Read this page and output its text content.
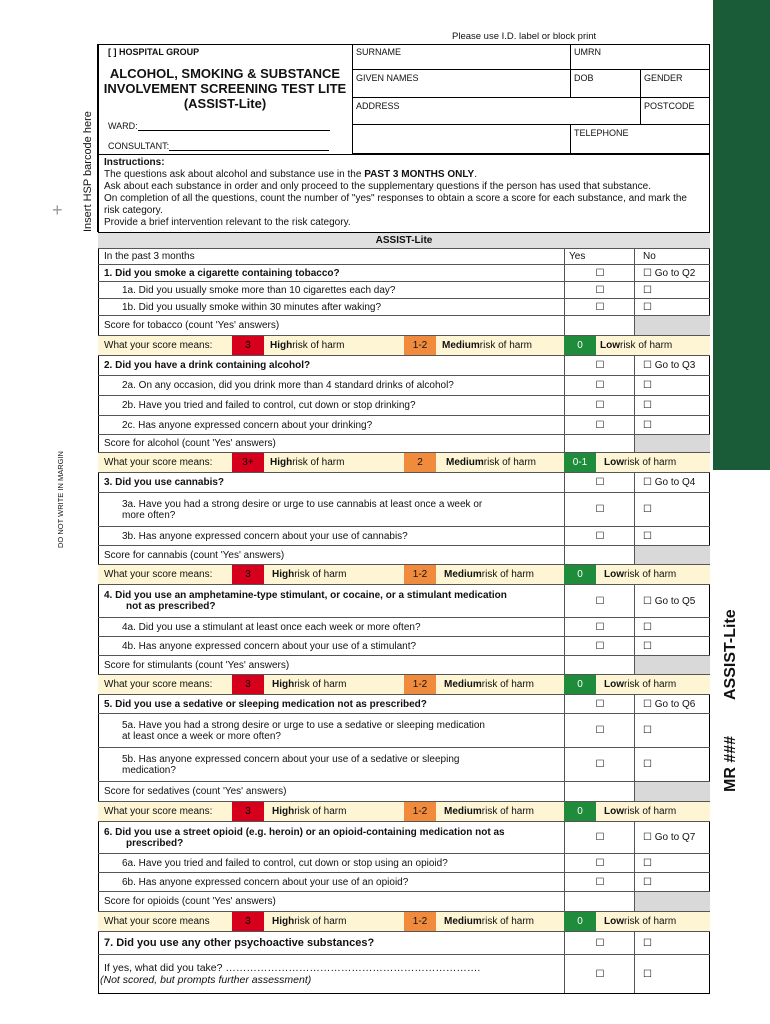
Please use I.D. label or block print
ASSIST-Lite
MR ###
Insert HSP barcode here
DO NOT WRITE IN MARGIN
+
[ ] HOSPITAL GROUP
ALCOHOL, SMOKING & SUBSTANCE
INVOLVEMENT SCREENING TEST LITE
(ASSIST-Lite)
WARD:
CONSULTANT:
SURNAME	UMRN
GIVEN NAMES	DOB	GENDER
ADDRESS	POSTCODE
TELEPHONE
Instructions:
The questions ask about alcohol and substance use in the PAST 3 MONTHS ONLY.
Ask about each substance in order and only proceed to the supplementary questions if the person has used that substance.
On completion of all the questions, count the number of "yes" responses to obtain a score a score for each substance, and mark the risk category.
Provide a brief intervention relevant to the risk category.
ASSIST-Lite
In the past 3 months	Yes	No
1. Did you smoke a cigarette containing tobacco?	☐	☐ Go to Q2
1a. Did you usually smoke more than 10 cigarettes each day?	☐	☐
1b. Did you usually smoke within 30 minutes after waking?	☐	☐
Score for tobacco (count 'Yes' answers)
What your score means:	3	High risk of harm	1-2	Medium risk of harm	0	Low risk of harm
2. Did you have a drink containing alcohol?	☐	☐ Go to Q3
2a. On any occasion, did you drink more than 4 standard drinks of alcohol?	☐	☐
2b. Have you tried and failed to control, cut down or stop drinking?	☐	☐
2c. Has anyone expressed concern about your drinking?	☐	☐
Score for alcohol (count 'Yes' answers)
What your score means:	3+	High risk of harm	2	Medium risk of harm	0-1	Low risk of harm
3. Did you use cannabis?	☐	☐ Go to Q4
3a. Have you had a strong desire or urge to use cannabis at least once a week or
more often?	☐	☐
3b. Has anyone expressed concern about your use of cannabis?	☐	☐
Score for cannabis (count 'Yes' answers)
What your score means:	3	High risk of harm	1-2	Medium risk of harm	0	Low risk of harm
4. Did you use an amphetamine-type stimulant, or cocaine, or a stimulant medication
not as prescribed?	☐	☐ Go to Q5
4a. Did you use a stimulant at least once each week or more often?	☐	☐
4b. Has anyone expressed concern about your use of a stimulant?	☐	☐
Score for stimulants (count 'Yes' answers)
What your score means:	3	High risk of harm	1-2	Medium risk of harm	0	Low risk of harm
5. Did you use a sedative or sleeping medication not as prescribed?	☐	☐ Go to Q6
5a. Have you had a strong desire or urge to use a sedative or sleeping medication
at least once a week or more often?	☐	☐
5b. Has anyone expressed concern about your use of a sedative or sleeping
medication?	☐	☐
Score for sedatives (count 'Yes' answers)
What your score means:	3	High risk of harm	1-2	Medium risk of harm	0	Low risk of harm
6. Did you use a street opioid (e.g. heroin) or an opioid-containing medication not as
prescribed?	☐	☐ Go to Q7
6a. Have you tried and failed to control, cut down or stop using an opioid?	☐	☐
6b. Has anyone expressed concern about your use of an opioid?	☐	☐
Score for opioids (count 'Yes' answers)
What your score means	3	High risk of harm	1-2	Medium risk of harm	0	Low risk of harm
7. Did you use any other psychoactive substances?	☐	☐
If yes, what did you take? ……………………………………………………………….
(Not scored, but prompts further assessment)	☐	☐
